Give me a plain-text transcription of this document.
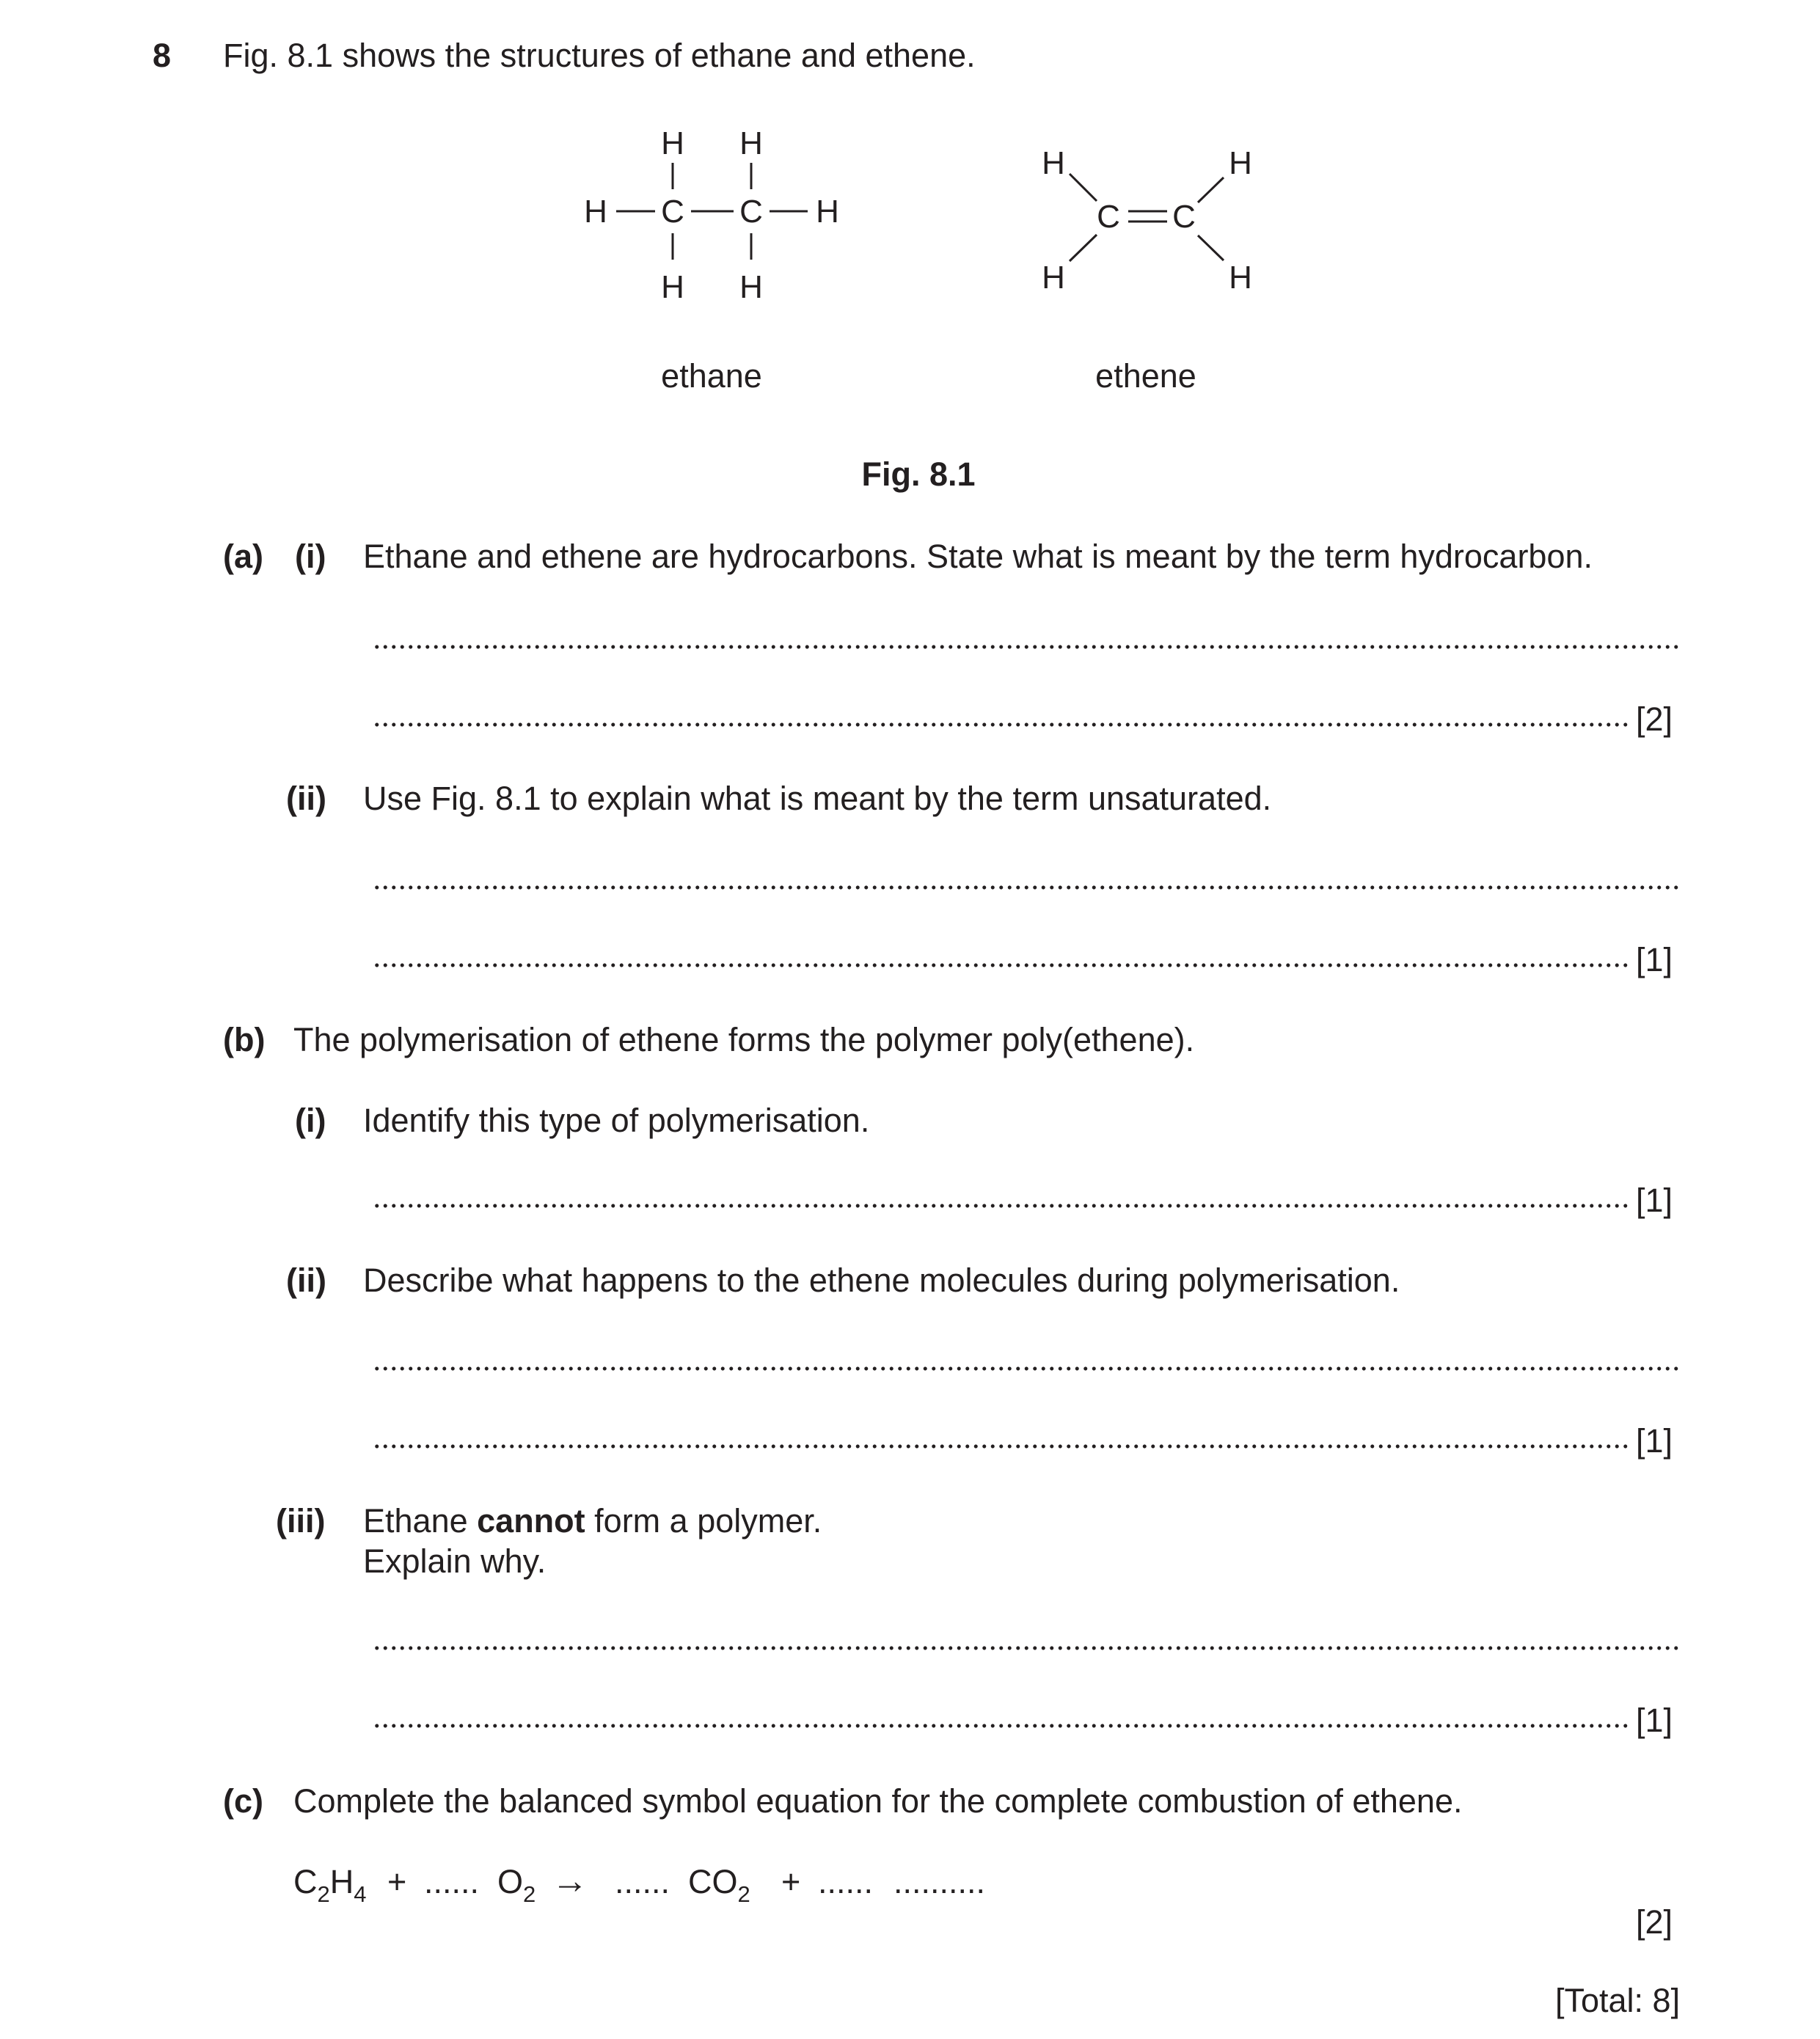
8 Fig. 8.1 shows the structures of ethane and ethene.
H H
H C C H
H H
ethane
H	H
H	H
C C
ethene
Fig. 8.1
(a) (i) Ethane and ethene are hydrocarbons. State what is meant by the term hydrocarbon.
[2]
(ii) Use Fig. 8.1 to explain what is meant by the term unsaturated.
[1]
(b) The polymerisation of ethene forms the polymer poly(ethene).
(i) Identify this type of polymerisation.
[1]
(ii) Describe what happens to the ethene molecules during polymerisation.
[1]
(iii) Ethane cannot form a polymer.
Explain why.
[1]
(c) Complete the balanced symbol equation for the complete combustion of ethene.
$C_2H_4$ + ...... $O_2$ → ...... $CO_2$ + ...... ..........
[2]
[Total: 8]
